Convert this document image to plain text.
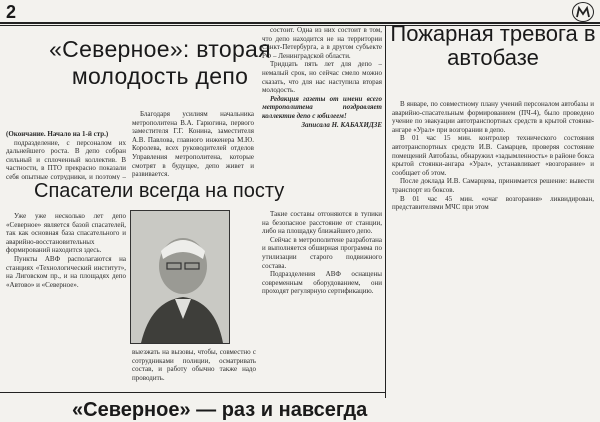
2
«Северное»: вторая молодость депо

(Окончание. Начало на 1-й стр.)

подразделение, с персоналом их дальнейшего роста. В депо собран сильный и сплоченный коллектив. В частности, в ПТО прекрасно показали себя опытные сотрудники, и поэтому –

Благодаря усилиям начальника метрополитена В.А. Гарюгина, первого заместителя Г.Г. Конина, заместителя А.В. Павлова, главного инженера М.Ю. Королева, всех руководителей отделов Управления метрополитена, которые смотрят в будущее, депо живет и развивается.

состоит. Одна из них состоит в том, что депо находится не на территории Санкт-Петербурга, а в другом субъекте РФ – Ленинградской области.

Тридцать пять лет для депо – немалый срок, но сейчас смело можно сказать, что для нас наступила вторая молодость.

Редакция газеты от имени всего метрополитена поздравляет коллектив депо с юбилеем!

Записала Н. КАБАХИДЗЕ

Спасатели всегда на посту

Уже уже несколько лет депо «Северное» является базой спасателей, так как основная база спасательного и аварийно-восстановительных формирований находится здесь.

Пункты АВФ располагаются на станциях «Технологический институт», на Лиговском пр., и на площадях депо «Автово» и «Северное».

выезжать на вызовы, чтобы, совместно с сотрудниками полиции, осматривать состав, и работу обычно также надо проводить.

Такие составы отгоняются в тупики на безопасное расстояние от станции, либо на площадку ближайшего депо.

Сейчас в метрополитене разработана и выполняется обширная программа по утилизации старого подвижного состава.

Подразделения АВФ оснащены современным оборудованием, они проходят регулярную сертификацию.

Пожарная тревога в автобазе

В январе, по совместному плану учений персоналом автобазы и аварийно-спасательным формированием (ПЧ-4), было проведено учение по эвакуации автотранспортных средств в крытой стоянке-ангаре «Урал» при возгорании в депо.

В 01 час 15 мин. контролер технического состояния автотранспортных средств И.В. Самарцев, проверяя состояние помещений Автобазы, обнаружил «задымленность» в районе бокса крытой стоянки-ангара «Урал», устанавливает «возгорание» и сообщает об этом.

После доклада И.В. Самарцева, принимается решение: вывести транспорт из боксов.

В 01 час 45 мин. «очаг возгорания» ликвидирован, представителями МЧС при этом

«Северное» — раз и навсегда
